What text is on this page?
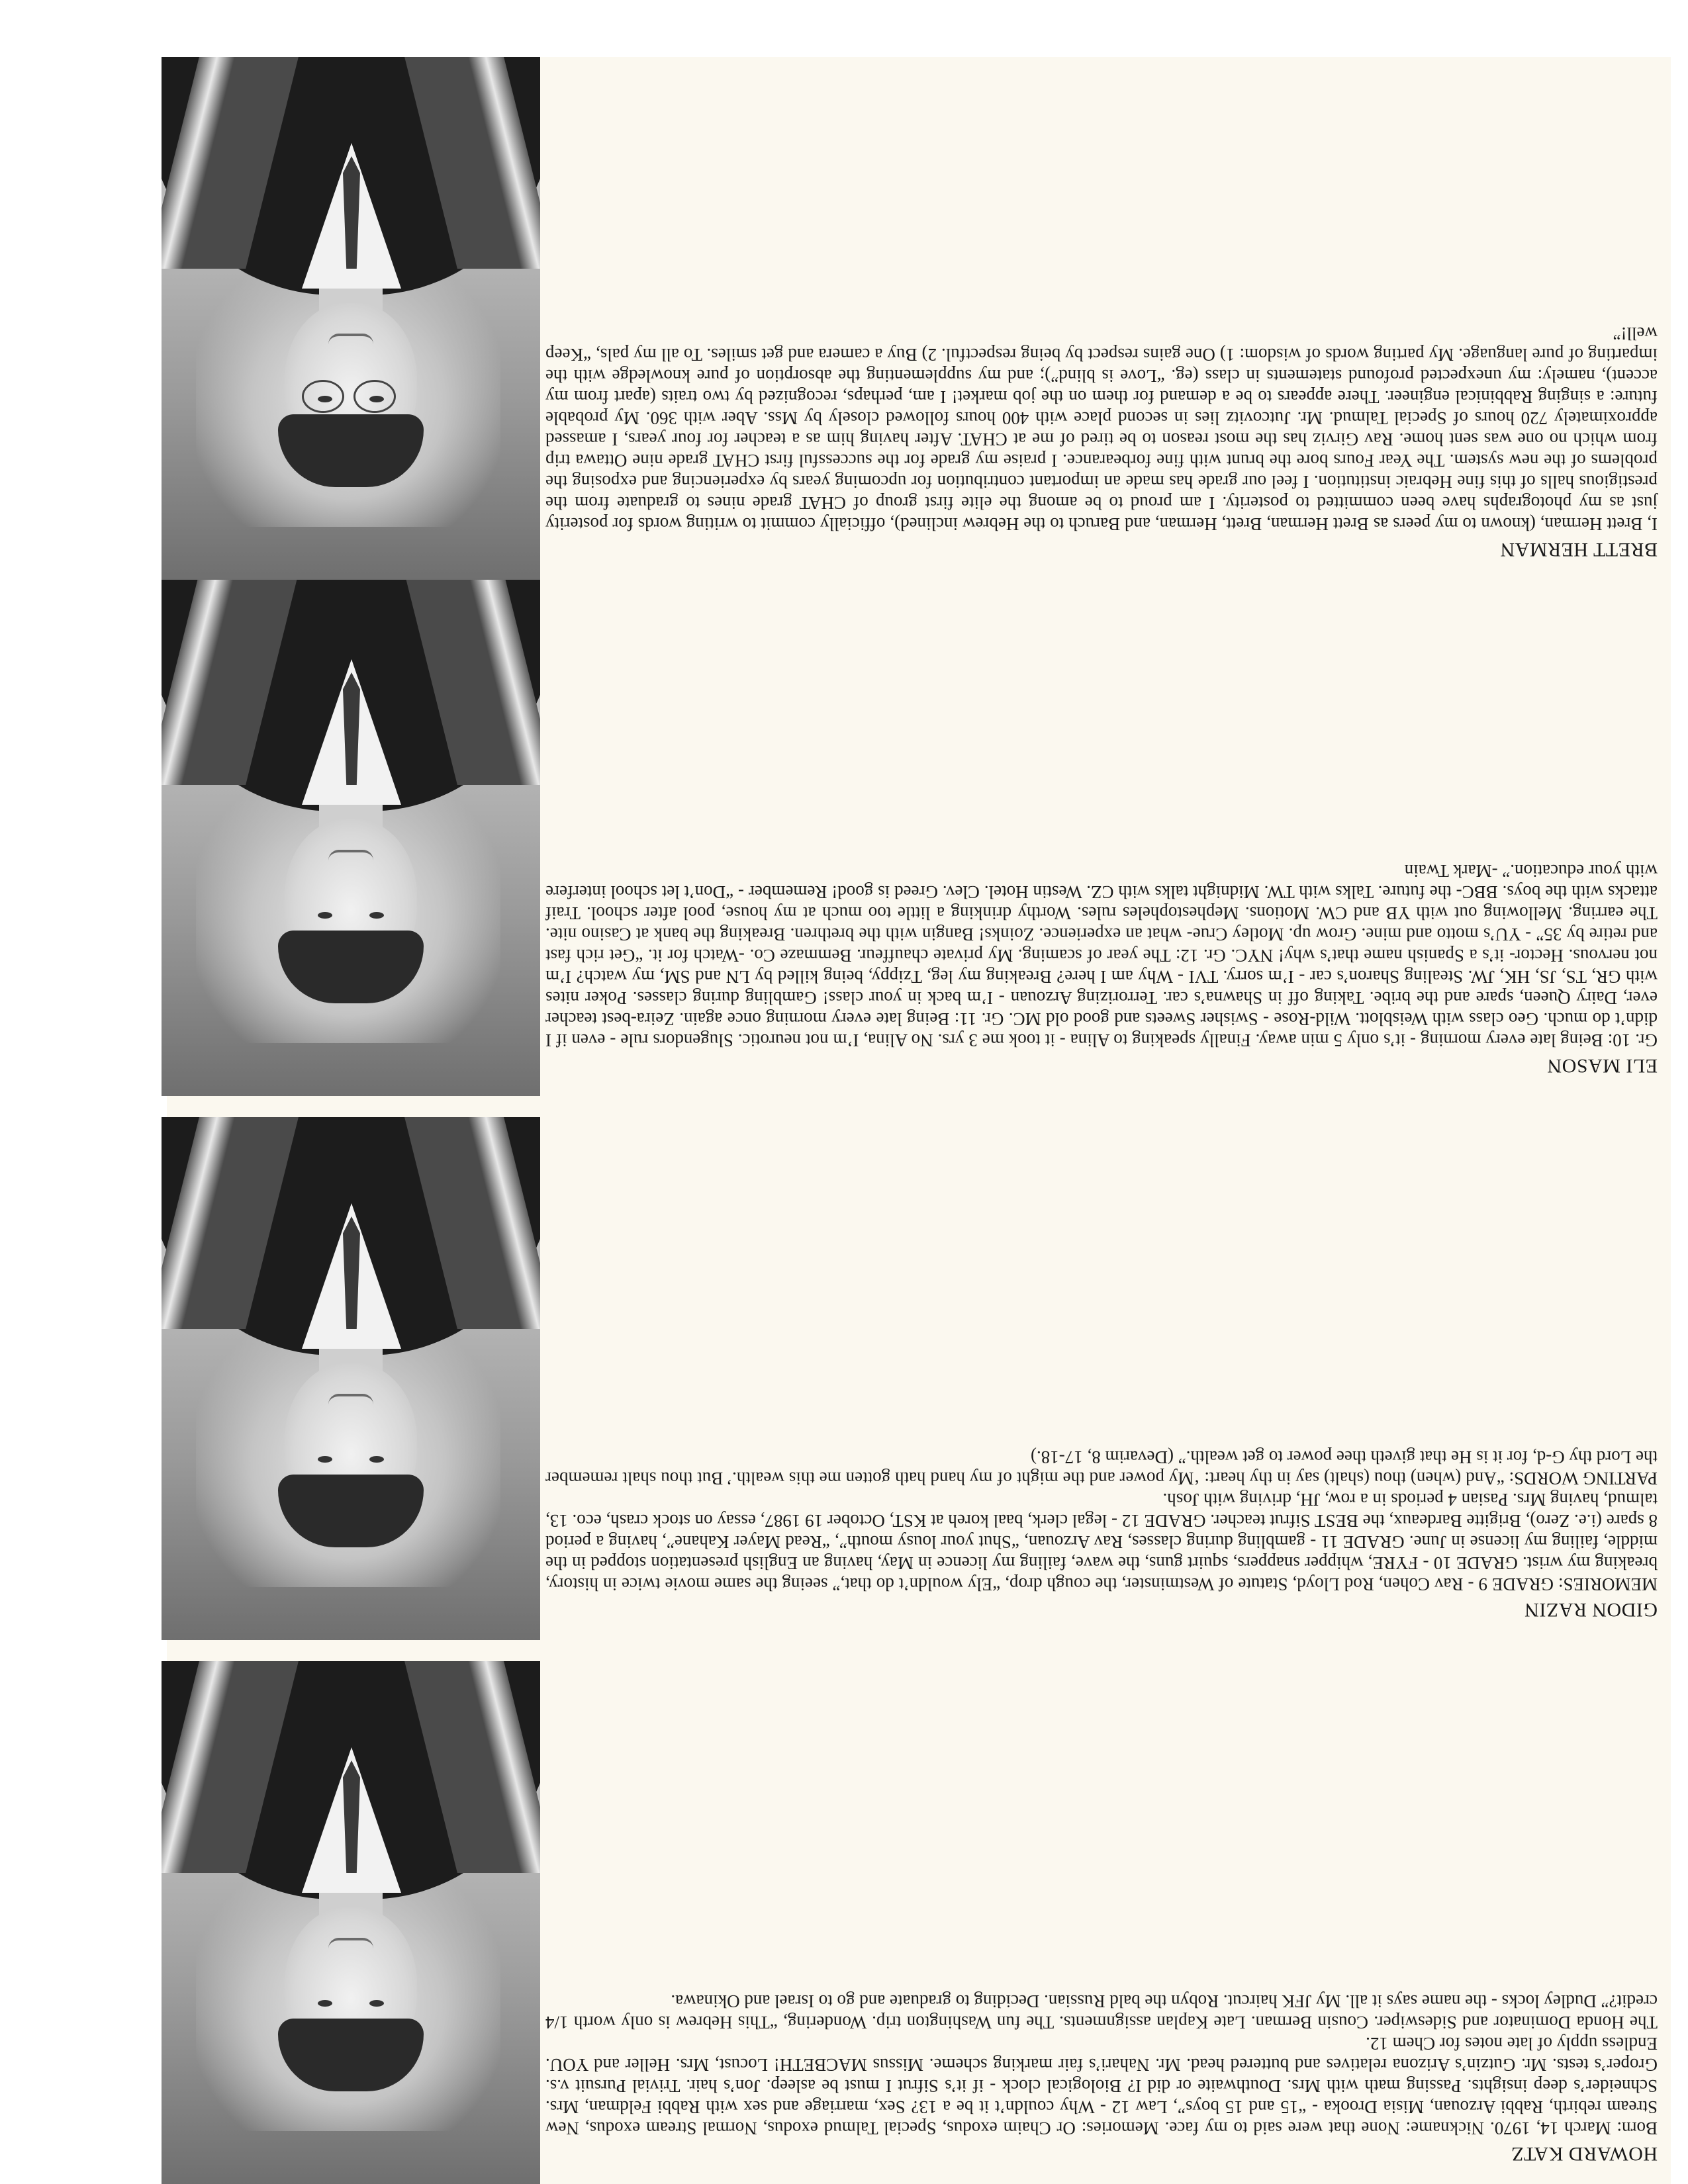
HOWARD KATZ

Born: March 14, 1970. Nickname: None that were said to my face. Memories: Or Chaim exodus, Special Talmud exodus, Normal Stream exodus, New Stream rebirth, Rabbi Arzouan, Misia Drooka - “15 and 15 boys”, Law 12 - Why couldn’t it be a 13? Sex, marriage and sex with Rabbi Feldman, Mrs. Schneider’s deep insights. Passing math with Mrs. Douthwaite or did I? Biological clock - if it’s Sifrut I must be asleep. Jon’s hair. Trivial Pursuit v.s. Groper’s tests. Mr. Gutzin’s Arizona relatives and buttered head. Mr. Nahari’s fair marking scheme. Missus MACBETH! Locust, Mrs. Heller and YOU. Endless upply of late notes for Chem 12.

The Honda Dominator and Sideswiper. Cousin Berman. Late Kaplan assignments. The fun Washington trip. Wondering, “This Hebrew is only worth 1/4 credit?” Dudley locks - the name says it all. My JFK haircut. Robyn the bald Russian. Deciding to graduate and go to Israel and Okinawa.

GIDON RAZIN

MEMORIES: GRADE 9 - Rav Cohen, Rod Lloyd, Statute of Westminster, the cough drop, “Ely wouldn’t do that,” seeing the same movie twice in history, breaking my wrist. GRADE 10 - FYRE, whipper snappers, squirt guns, the wave, failing my licence in May, having an English presentation stopped in the middle, failing my license in June. GRADE 11 - gambling during classes, Rav Arzouan, “Shut your lousy mouth”, “Read Mayer Kahane”, having a period 8 spare (i.e. Zero), Brigitte Bardeaux, the BEST Sifrut teacher. GRADE 12 - legal clerk, baal koreh at KST, October 19 1987, essay on stock crash, eco. 13, talmud, having Mrs. Pasian 4 periods in a row, JH, driving with Josh.

PARTING WORDS: “And (when) thou (shalt) say in thy heart: ‘My power and the might of my hand hath gotten me this wealth.’ But thou shalt remember the Lord thy G-d, for it is He that giveth thee power to get wealth.” (Devarim 8, 17-18.)

ELI MASON

Gr. 10: Being late every morning - it’s only 5 min away. Finally speaking to Alina - it took me 3 yrs. No Alina, I’m not neurotic. Slugendors rule - even if I didn’t do much. Geo class with Weisblott. Wild-Rose - Swisher Sweets and good old MC. Gr. 11: Being late every morning once again. Zeira-best teacher ever, Dairy Queen, spare and the bribe. Taking off in Shawna’s car. Terrorizing Arzouan - I’m back in your class! Gambling during classes. Poker nites with GR, TS, JS, HK, JW. Stealing Sharon’s car - I’m sorry. TVI - Why am I here? Breaking my leg, Tzippy, being killed by LN and SM, my watch? I’m not nervous. Hector- it’s a Spanish name that’s why! NYC. Gr. 12: The year of scaming. My private chauffeur. Bemmaze Co. -Watch for it. “Get rich fast and retire by 35” - YU’s motto and mine. Grow up. Motley Crue- what an experience. Zoinks! Bangin with the brethren. Breaking the bank at Casino nite. The earring. Mellowing out with YB and CW. Motions. Mephestopheles rules. Worthy drinking a little too much at my house, pool after school. Traif attacks with the boys. BBC- the future. Talks with TW. Midnight talks with CZ. Westin Hotel. Clev. Greed is good! Remember - “Don’t let school interfere with your education.” -Mark Twain

BRETT HERMAN

I, Brett Herman, (known to my peers as Brett Herman, Brett, Herman, and Baruch to the Hebrew inclined), officially commit to writing words for posterity just as my photographs have been committed to posterity. I am proud to be among the elite first group of CHAT grade nines to graduate from the prestigious halls of this fine Hebraic institution. I feel our grade has made an important contribution for upcoming years by experiencing and exposing the problems of the new system. The Year Fours bore the brunt with fine forbearance. I praise my grade for the successful first CHAT grade nine Ottawa trip from which no one was sent home. Rav Girviz has the most reason to be tired of me at CHAT. After having him as a teacher for four years, I amassed approximately 720 hours of Special Talmud. Mr. Jutcovitz lies in second place with 400 hours followed closely by Mss. Aber with 360. My probable future: a singing Rabbinical engineer. There appears to be a demand for them on the job market! I am, perhaps, recognized by two traits (apart from my accent), namely: my unexpected profound statements in class (eg. “Love is blind”); and my supplementing the absorption of pure knowledge with the imparting of pure language. My parting words of wisdom: 1) One gains respect by being respectful. 2) Buy a camera and get smiles. To all my pals, “Keep well!”
